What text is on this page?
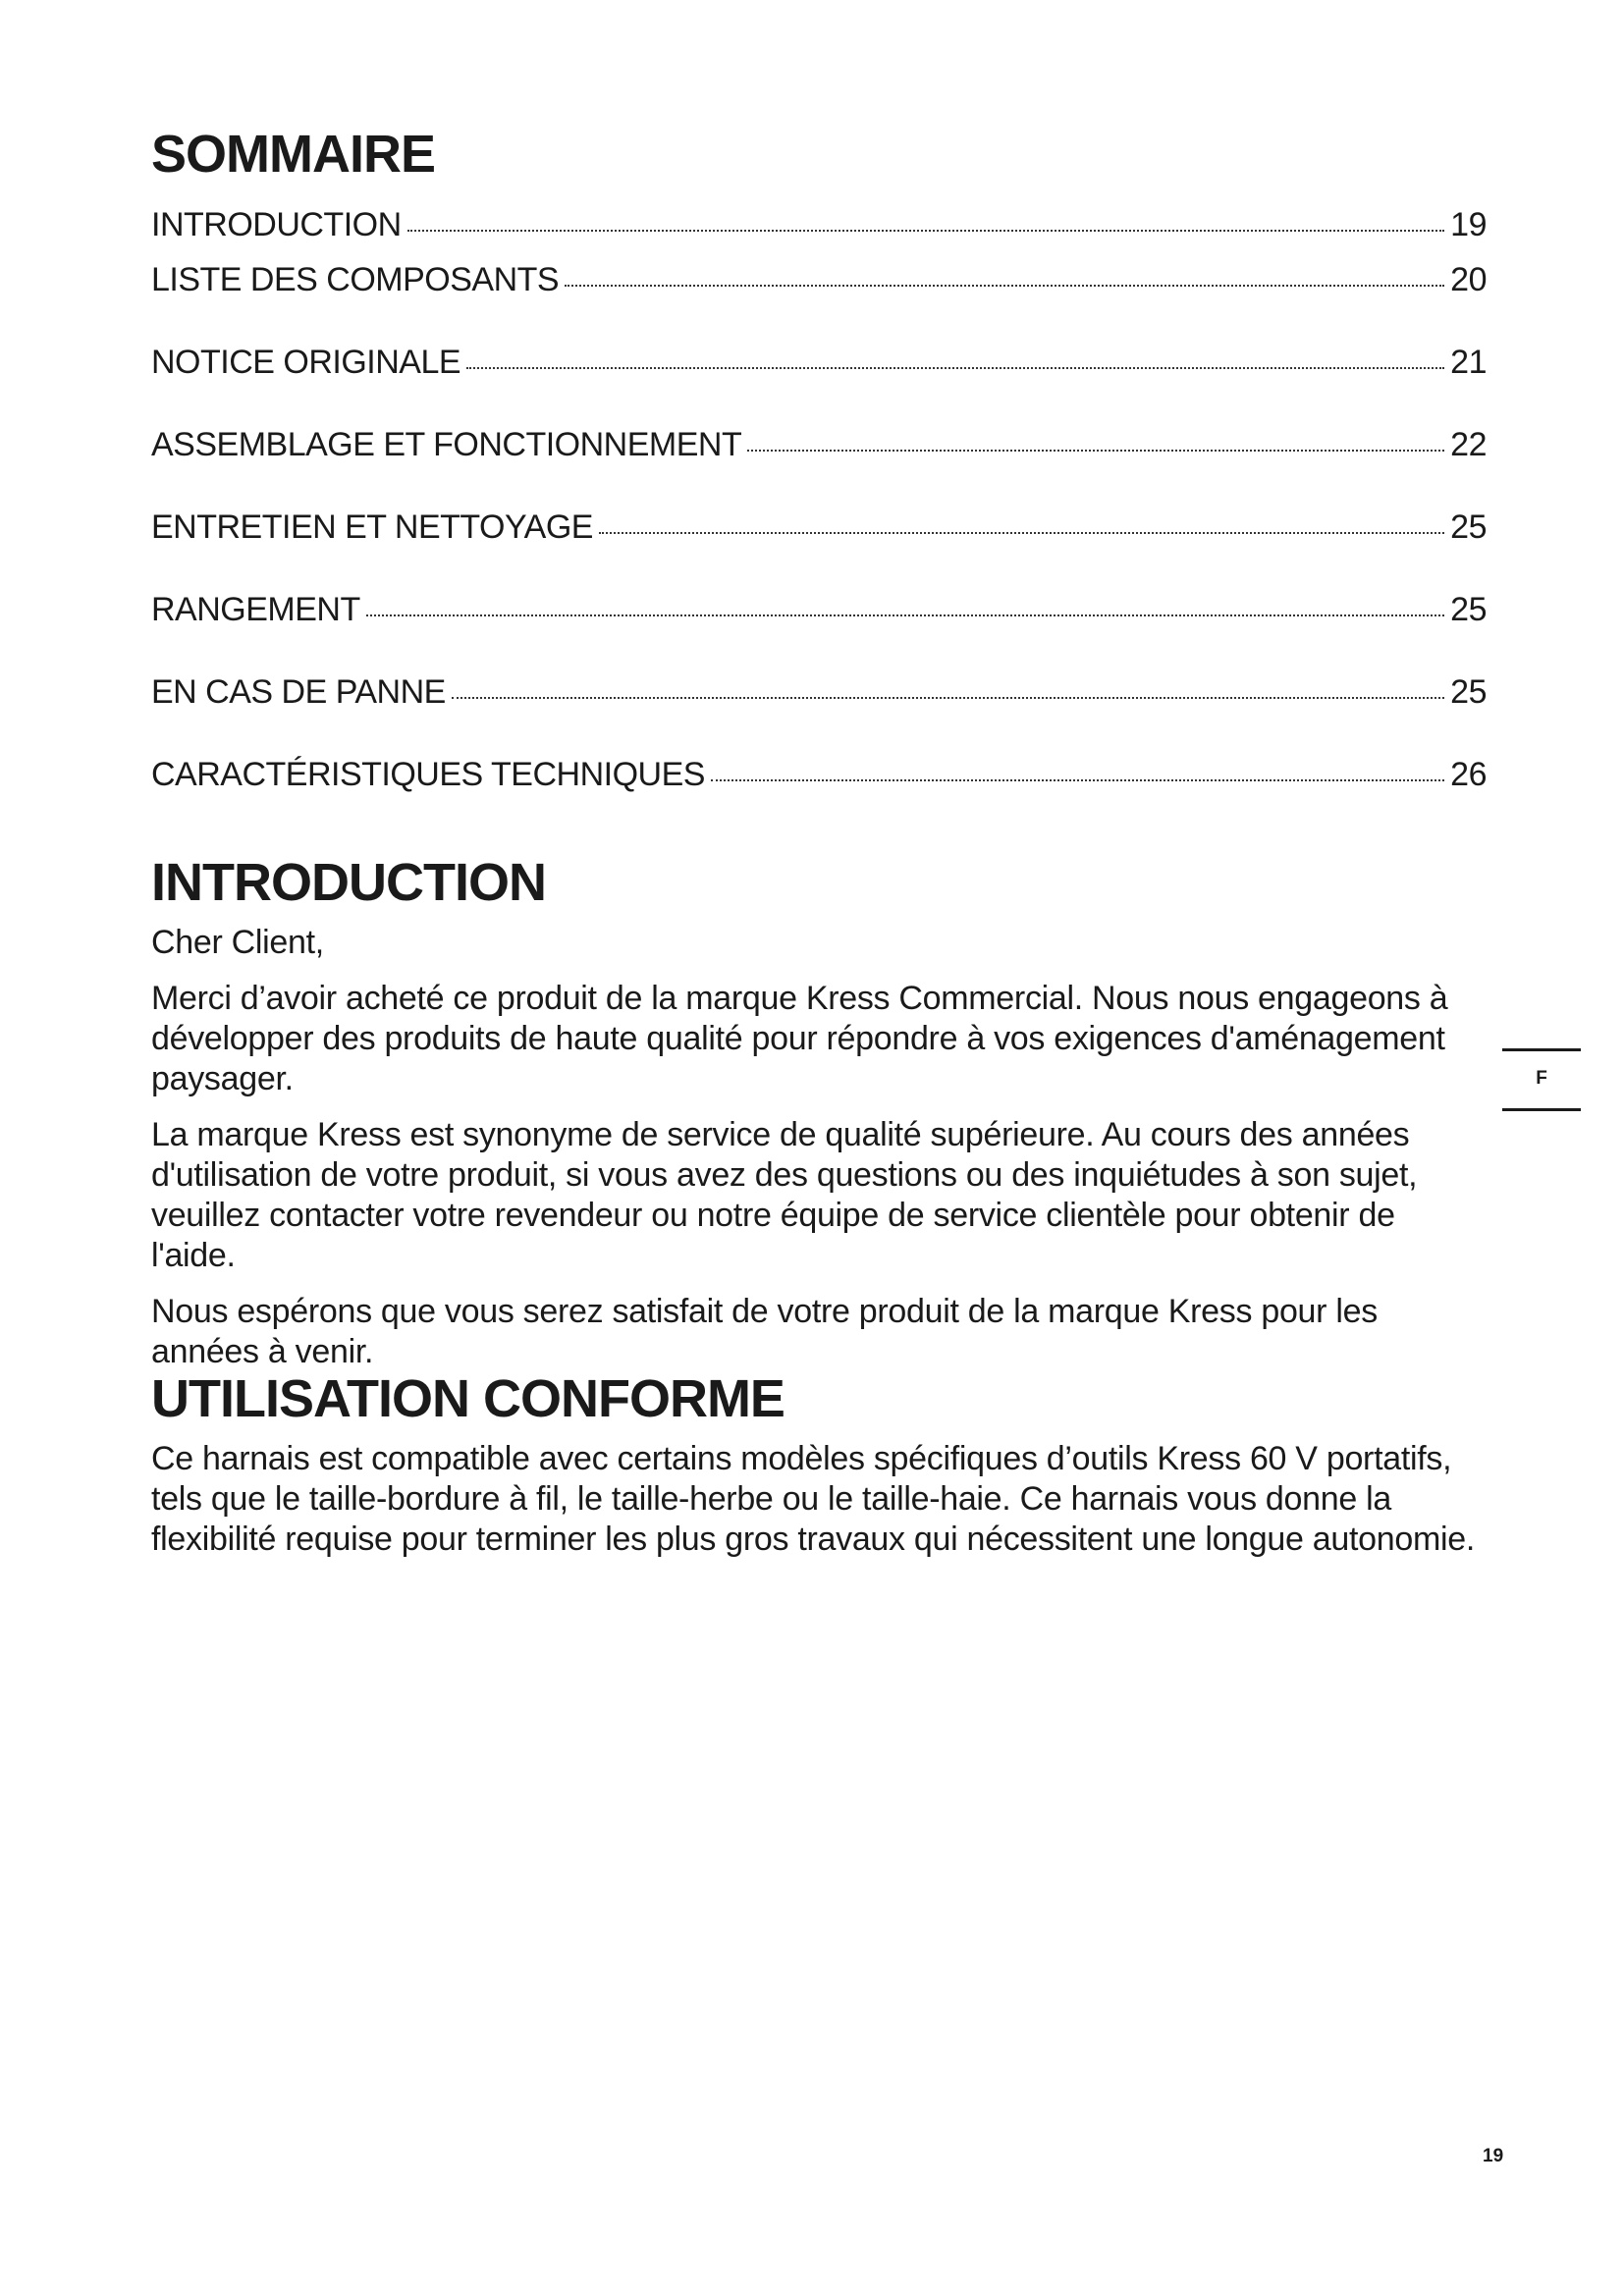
SOMMAIRE
INTRODUCTION	19
LISTE DES COMPOSANTS	20
NOTICE ORIGINALE	21
ASSEMBLAGE ET FONCTIONNEMENT	22
ENTRETIEN ET NETTOYAGE	25
RANGEMENT	25
EN CAS DE PANNE	25
CARACTÉRISTIQUES TECHNIQUES	26
INTRODUCTION

Cher Client,

Merci d’avoir acheté ce produit de la marque Kress Commercial. Nous nous engageons à développer des produits de haute qualité pour répondre à vos exigences d'aménagement paysager.

La marque Kress est synonyme de service de qualité supérieure. Au cours des années d'utilisation de votre produit, si vous avez des questions ou des inquiétudes à son sujet, veuillez contacter votre revendeur ou notre équipe de service clientèle pour obtenir de l'aide.

Nous espérons que vous serez satisfait de votre produit de la marque Kress pour les années à venir.

UTILISATION CONFORME

Ce harnais est compatible avec certains modèles spécifiques d’outils Kress 60 V portatifs, tels que le taille-bordure à fil, le taille-herbe ou le taille-haie. Ce harnais vous donne la flexibilité requise pour terminer les plus gros travaux qui nécessitent une longue autonomie.

F
19
